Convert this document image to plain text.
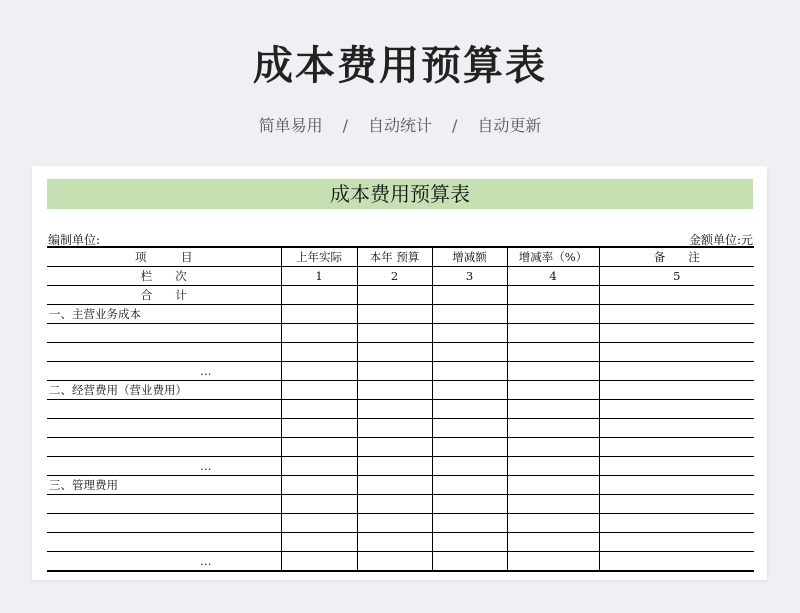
成本费用预算表
简单易用 / 自动统计 / 自动更新
成本费用预算表
编制单位:	金额单位:元
项　　　目	上年实际	本年 预算	增减额	增减率（%）	备　　注
栏　　次	1	2	3	4	5
合　　计					
一、主营业务成本					

…					
二、经营费用（营业费用）					

…					
三、管理费用					

…					
